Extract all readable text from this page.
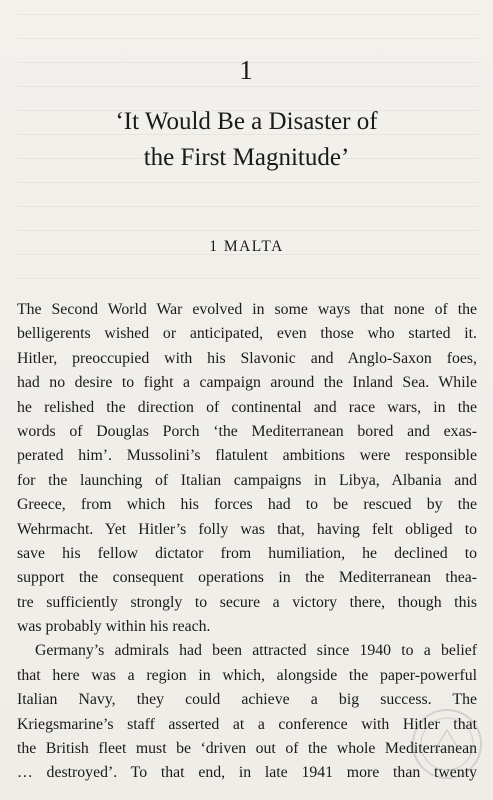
1
‘It Would Be a Disaster of
the First Magnitude’
1 MALTA
The Second World War evolved in some ways that none of the
belligerents wished or anticipated, even those who started it.
Hitler, preoccupied with his Slavonic and Anglo-Saxon foes,
had no desire to fight a campaign around the Inland Sea. While
he relished the direction of continental and race wars, in the
words of Douglas Porch ‘the Mediterranean bored and exas-
perated him’. Mussolini’s flatulent ambitions were responsible
for the launching of Italian campaigns in Libya, Albania and
Greece, from which his forces had to be rescued by the
Wehrmacht. Yet Hitler’s folly was that, having felt obliged to
save his fellow dictator from humiliation, he declined to
support the consequent operations in the Mediterranean thea-
tre sufficiently strongly to secure a victory there, though this
was probably within his reach.
Germany’s admirals had been attracted since 1940 to a belief
that here was a region in which, alongside the paper-powerful
Italian Navy, they could achieve a big success. The
Kriegsmarine’s staff asserted at a conference with Hitler that
the British fleet must be ‘driven out of the whole Mediterranean
… destroyed’. To that end, in late 1941 more than twenty
